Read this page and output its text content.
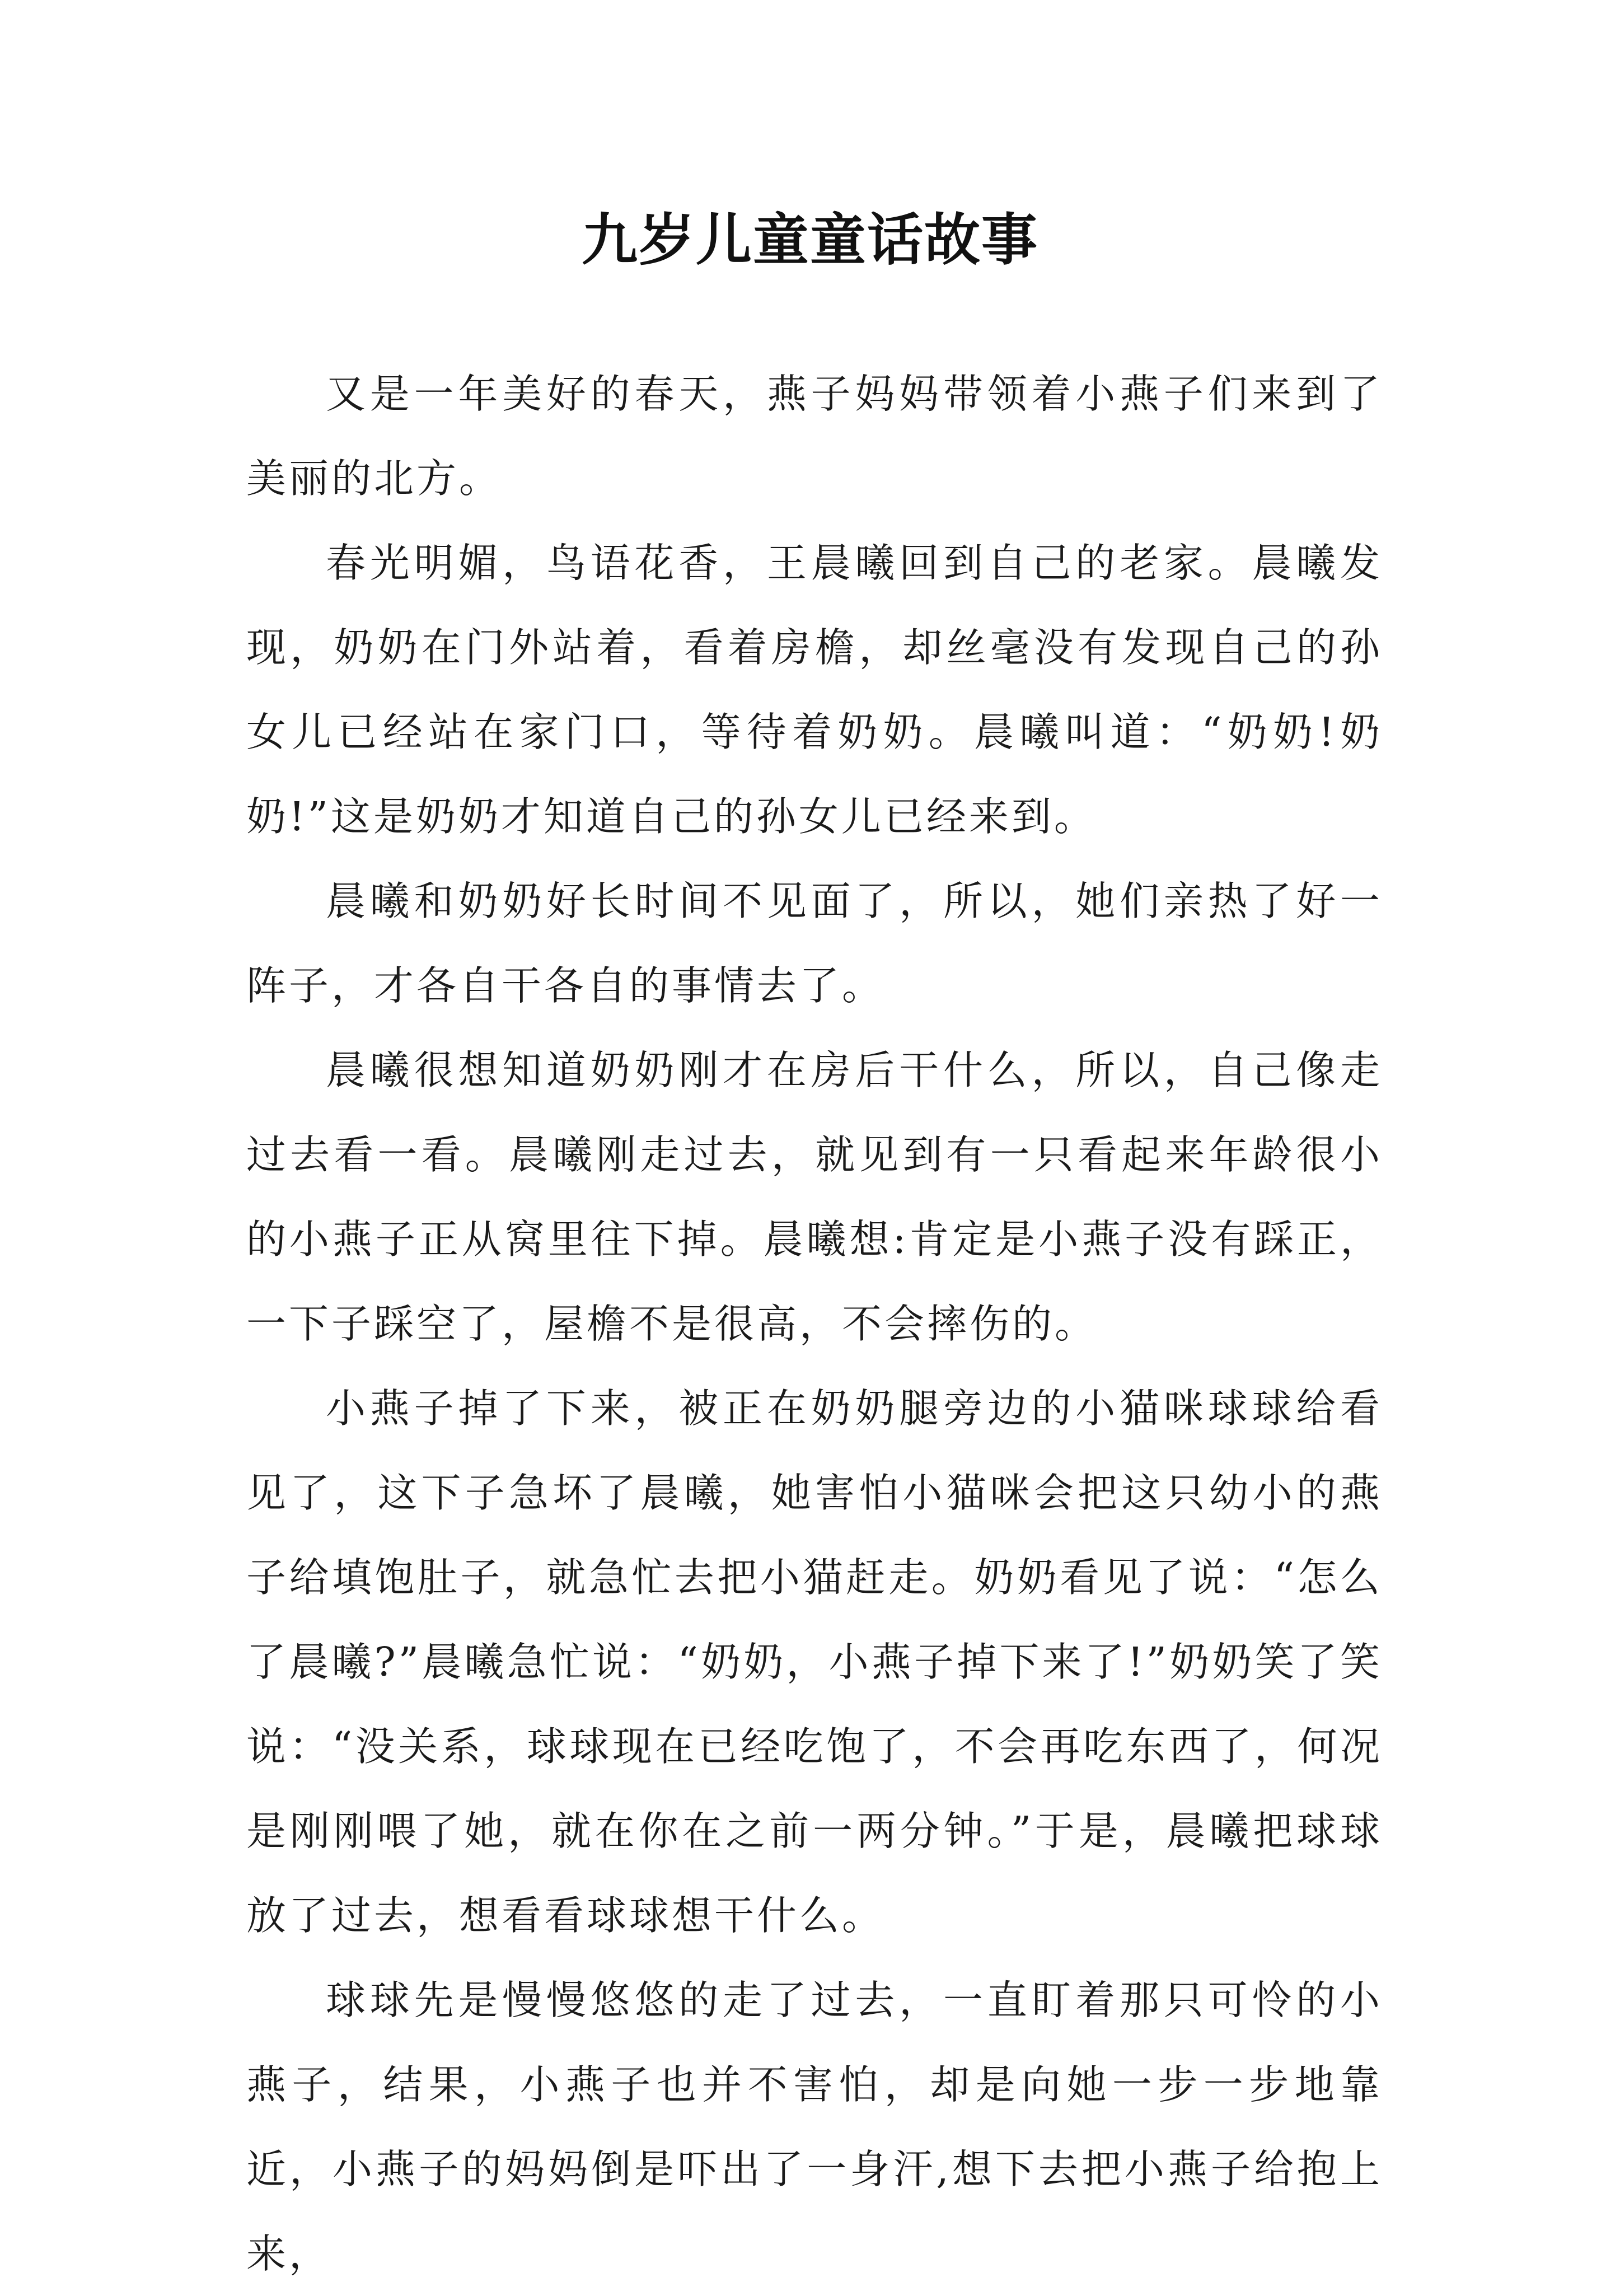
九岁儿童童话故事

又是一年美好的春天，燕子妈妈带领着小燕子们来到了美丽的北方。

春光明媚，鸟语花香，王晨曦回到自己的老家。晨曦发现，奶奶在门外站着，看着房檐，却丝毫没有发现自己的孙女儿已经站在家门口，等待着奶奶。晨曦叫道：“奶奶!奶奶!”这是奶奶才知道自己的孙女儿已经来到。

晨曦和奶奶好长时间不见面了，所以，她们亲热了好一阵子，才各自干各自的事情去了。

晨曦很想知道奶奶刚才在房后干什么，所以，自己像走过去看一看。晨曦刚走过去，就见到有一只看起来年龄很小的小燕子正从窝里往下掉。晨曦想:肯定是小燕子没有踩正，一下子踩空了，屋檐不是很高，不会摔伤的。

小燕子掉了下来，被正在奶奶腿旁边的小猫咪球球给看见了，这下子急坏了晨曦，她害怕小猫咪会把这只幼小的燕子给填饱肚子，就急忙去把小猫赶走。奶奶看见了说：“怎么了晨曦?”晨曦急忙说：“奶奶，小燕子掉下来了!”奶奶笑了笑说：“没关系，球球现在已经吃饱了，不会再吃东西了，何况是刚刚喂了她，就在你在之前一两分钟。”于是，晨曦把球球放了过去，想看看球球想干什么。

球球先是慢慢悠悠的走了过去，一直盯着那只可怜的小燕子，结果，小燕子也并不害怕，却是向她一步一步地靠近，小燕子的妈妈倒是吓出了一身汗,想下去把小燕子给抱上来，
